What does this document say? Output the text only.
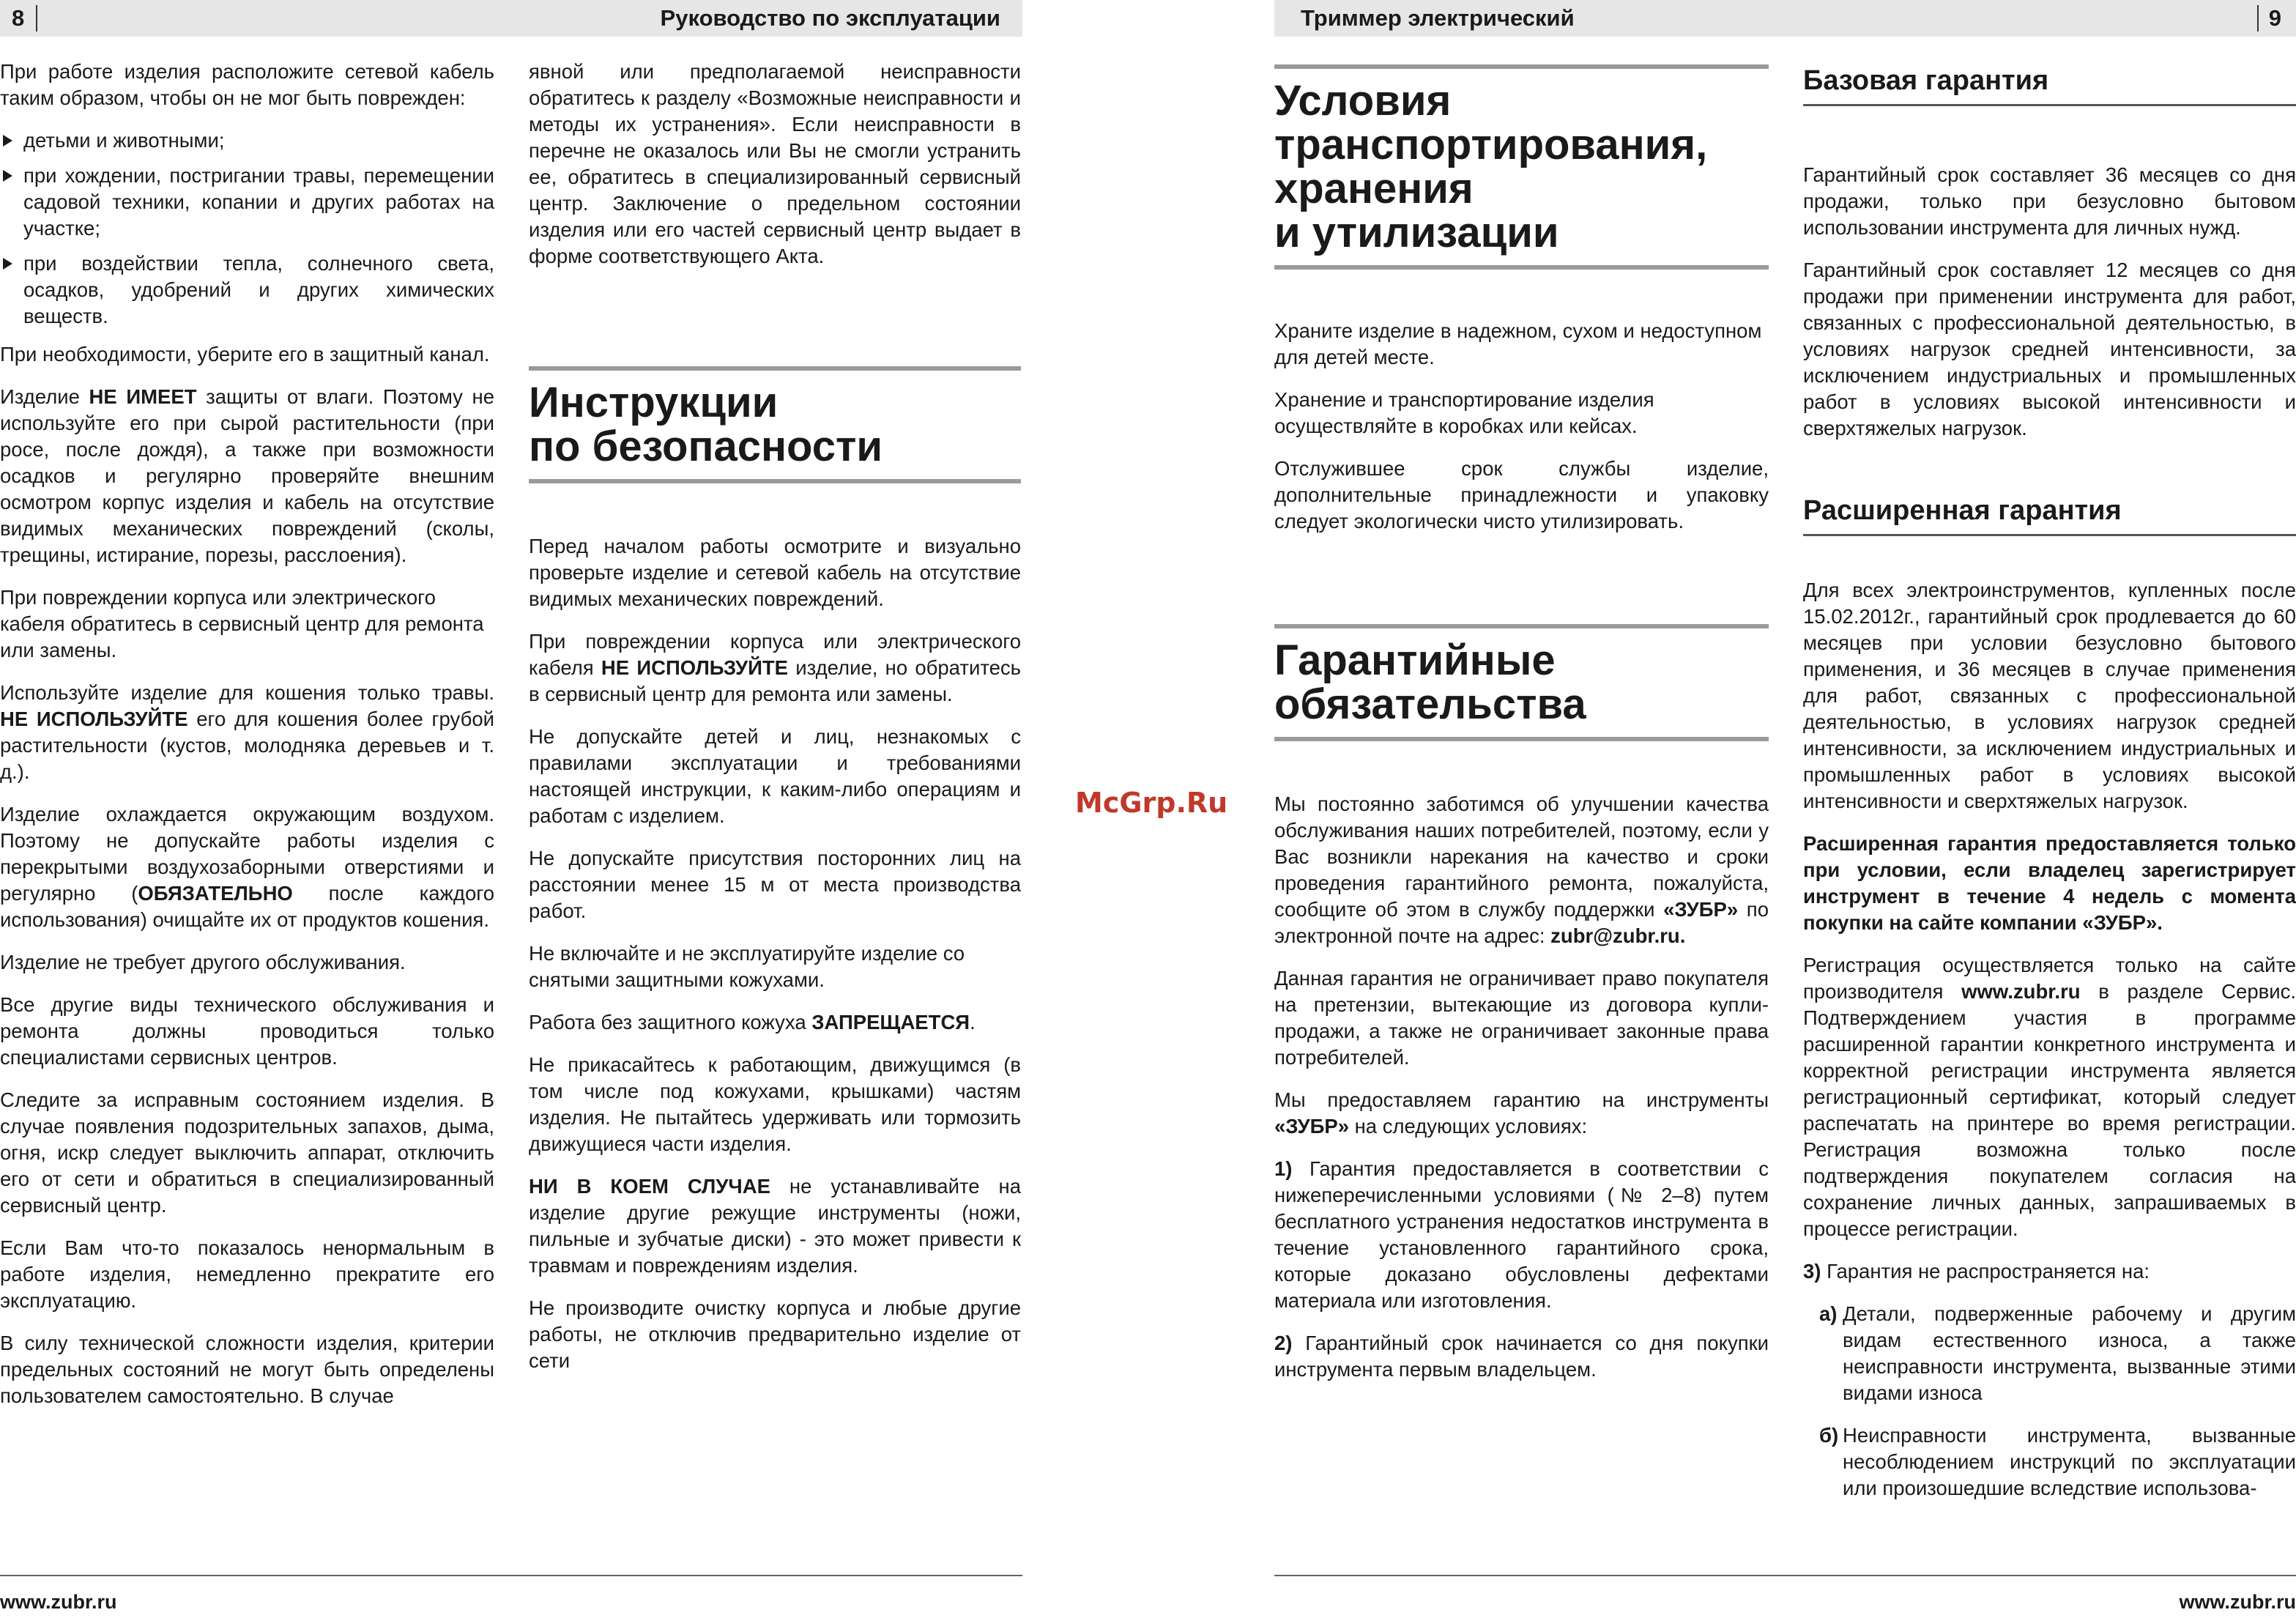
8	Руководство по эксплуатации	Триммер электрический	9

При работе изделия расположите сетевой кабель таким образом, чтобы он не мог быть поврежден:

детьми и животными;
при хождении, постригании травы, перемещении садовой техники, копании и других работах на участке;
при воздействии тепла, солнечного света, осадков, удобрений и других химических веществ.

При необходимости, уберите его в защитный канал.

Изделие НЕ ИМЕЕТ защиты от влаги. Поэтому не используйте его при сырой растительности (при росе, после дождя), а также при возможности осадков и регулярно проверяйте внешним осмотром корпус изделия и кабель на отсутствие видимых механических повреждений (сколы, трещины, истирание, порезы, расслоения).

При повреждении корпуса или электрического кабеля обратитесь в сервисный центр для ремонта или замены.

Используйте изделие для кошения только травы. НЕ ИСПОЛЬЗУЙТЕ его для кошения более грубой растительности (кустов, молодняка деревьев и т. д.).

Изделие охлаждается окружающим воздухом. Поэтому не допускайте работы изделия с перекрытыми воздухозаборными отверстиями и регулярно (ОБЯЗАТЕЛЬНО после каждого использования) очищайте их от продуктов кошения.

Изделие не требует другого обслуживания.

Все другие виды технического обслуживания и ремонта должны проводиться только специалистами сервисных центров.

Следите за исправным состоянием изделия. В случае появления подозрительных запахов, дыма, огня, искр следует выключить аппарат, отключить его от сети и обратиться в специализированный сервисный центр.

Если Вам что-то показалось ненормальным в работе изделия, немедленно прекратите его эксплуатацию.

В силу технической сложности изделия, критерии предельных состояний не могут быть определены пользователем самостоятельно. В случае

явной или предполагаемой неисправности обратитесь к разделу «Возможные неисправности и методы их устранения». Если неисправности в перечне не оказалось или Вы не смогли устранить ее, обратитесь в специализированный сервисный центр. Заключение о предельном состоянии изделия или его частей сервисный центр выдает в форме соответствующего Акта.

Инструкции
по безопасности

Перед началом работы осмотрите и визуально проверьте изделие и сетевой кабель на отсутствие видимых механических повреждений.

При повреждении корпуса или электрического кабеля НЕ ИСПОЛЬЗУЙТЕ изделие, но обратитесь в сервисный центр для ремонта или замены.

Не допускайте детей и лиц, незнакомых с правилами эксплуатации и требованиями настоящей инструкции, к каким-либо операциям и работам с изделием.

Не допускайте присутствия посторонних лиц на расстоянии менее 15 м от места производства работ.

Не включайте и не эксплуатируйте изделие со снятыми защитными кожухами.

Работа без защитного кожуха ЗАПРЕЩАЕТСЯ.

Не прикасайтесь к работающим, движущимся (в том числе под кожухами, крышками) частям изделия. Не пытайтесь удерживать или тормозить движущиеся части изделия.

НИ В КОЕМ СЛУЧАЕ не устанавливайте на изделие другие режущие инструменты (ножи, пильные и зубчатые диски) - это может привести к травмам и повреждениям изделия.

Не производите очистку корпуса и любые другие работы, не отключив предварительно изделие от сети

Условия
транспортирования,
хранения
и утилизации

Храните изделие в надежном, сухом и недоступном для детей месте.

Хранение и транспортирование изделия осуществляйте в коробках или кейсах.

Отслужившее срок службы изделие, дополнительные принадлежности и упаковку следует экологически чисто утилизировать.

Гарантийные
обязательства

Мы постоянно заботимся об улучшении качества обслуживания наших потребителей, поэтому, если у Вас возникли нарекания на качество и сроки проведения гарантийного ремонта, пожалуйста, сообщите об этом в службу поддержки «ЗУБР» по электронной почте на адрес: zubr@zubr.ru.

Данная гарантия не ограничивает право покупателя на претензии, вытекающие из договора купли-продажи, а также не ограничивает законные права потребителей.

Мы предоставляем гарантию на инструменты «ЗУБР» на следующих условиях:

1) Гарантия предоставляется в соответствии с нижеперечисленными условиями (№ 2–8) путем бесплатного устранения недостатков инструмента в течение установленного гарантийного срока, которые доказано обусловлены дефектами материала или изготовления.

2) Гарантийный срок начинается со дня покупки инструмента первым владельцем.

Базовая гарантия

Гарантийный срок составляет 36 месяцев со дня продажи, только при безусловно бытовом использовании инструмента для личных нужд.

Гарантийный срок составляет 12 месяцев со дня продажи при применении инструмента для работ, связанных с профессиональной деятельностью, в условиях нагрузок средней интенсивности, за исключением индустриальных и промышленных работ в условиях высокой интенсивности и сверхтяжелых нагрузок.

Расширенная гарантия

Для всех электроинструментов, купленных после 15.02.2012г., гарантийный срок продлевается до 60 месяцев при условии безусловно бытового применения, и 36 месяцев в случае применения для работ, связанных с профессиональной деятельностью, в условиях нагрузок средней интенсивности, за исключением индустриальных и промышленных работ в условиях высокой интенсивности и сверхтяжелых нагрузок.

Расширенная гарантия предоставляется только при условии, если владелец зарегистрирует инструмент в течение 4 недель с момента покупки на сайте компании «ЗУБР».

Регистрация осуществляется только на сайте производителя www.zubr.ru в разделе Сервис. Подтверждением участия в программе расширенной гарантии конкретного инструмента и корректной регистрации инструмента является регистрационный сертификат, который следует распечатать на принтере во время регистрации. Регистрация возможна только после подтверждения покупателем согласия на сохранение личных данных, запрашиваемых в процессе регистрации.

3) Гарантия не распространяется на:

а) Детали, подверженные рабочему и другим видам естественного износа, а также неисправности инструмента, вызванные этими видами износа
б) Неисправности инструмента, вызванные несоблюдением инструкций по эксплуатации или произошедшие вследствие использова-
McGrp.Ru
www.zubr.ru	www.zubr.ru
